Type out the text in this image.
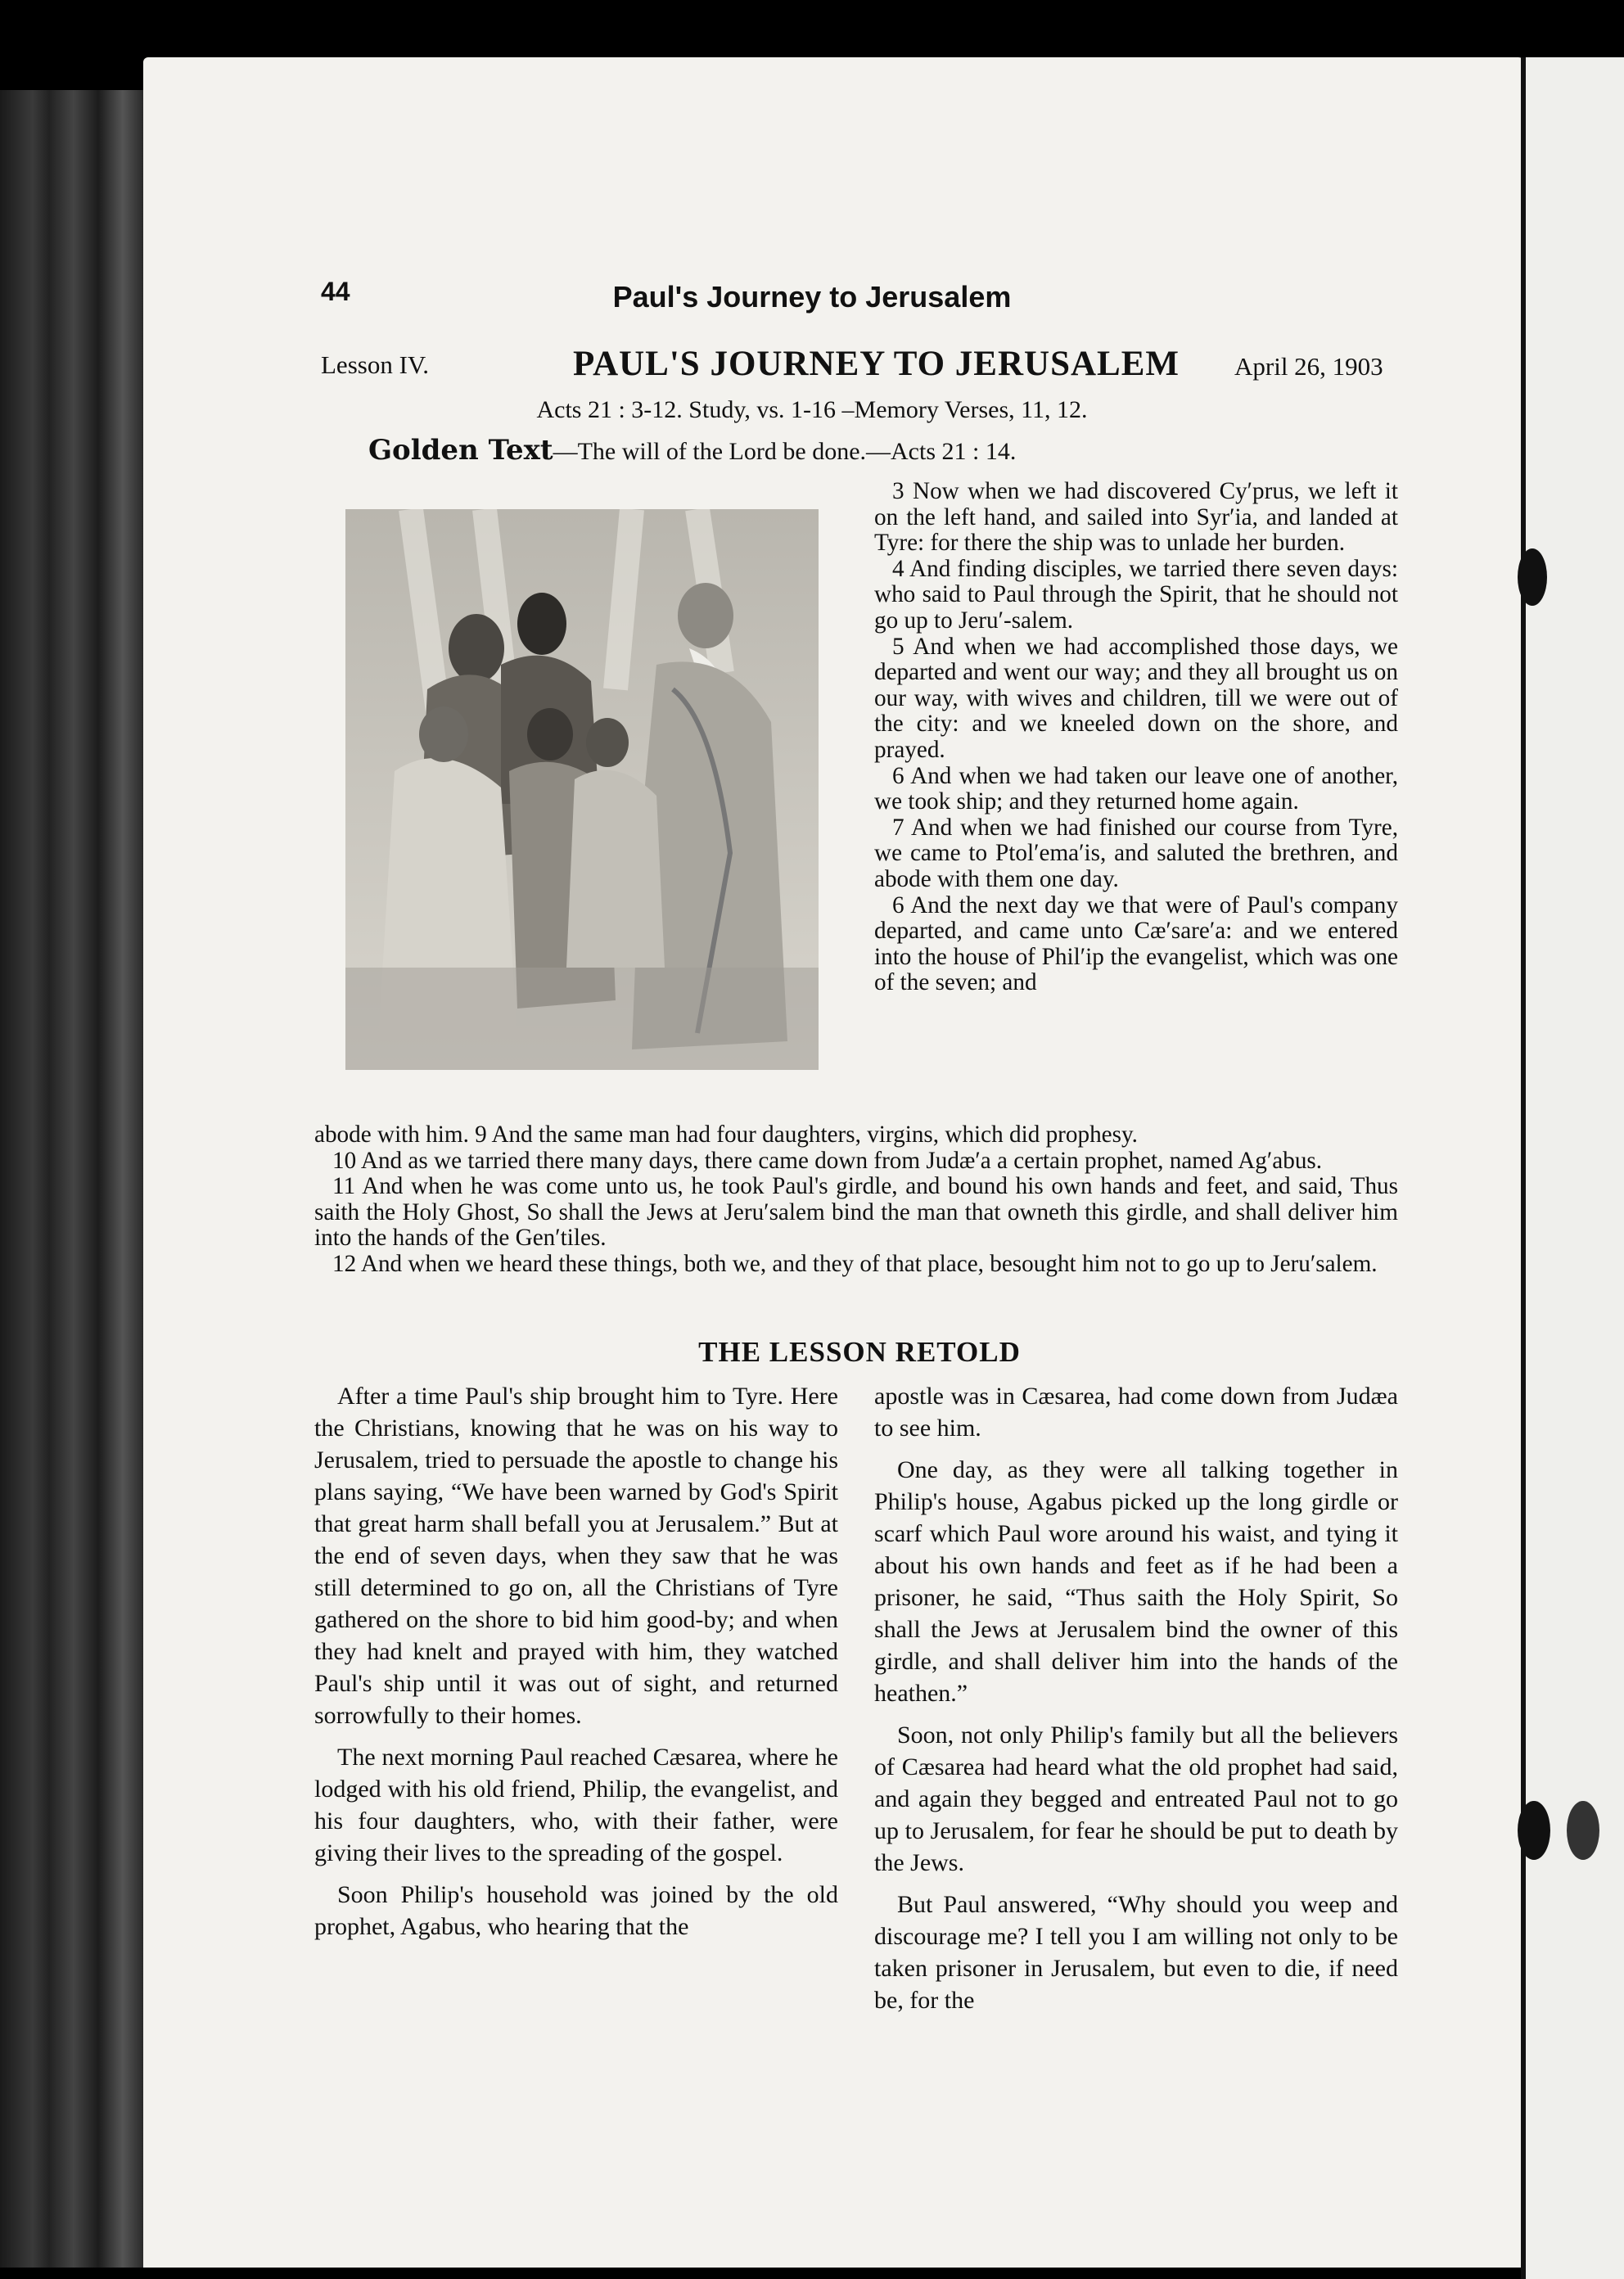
44	Paul's Journey to Jerusalem
Lesson IV.	PAUL'S JOURNEY TO JERUSALEM April 26, 1903
Acts 21 : 3-12. Study, vs. 1-16 –Memory Verses, 11, 12.
Golden Text—The will of the Lord be done.—Acts 21 : 14.

3 Now when we had discovered Cy′prus, we left it on the left hand, and sailed into Syr′ia, and landed at Tyre: for there the ship was to unlade her burden.

4 And finding disciples, we tarried there seven days: who said to Paul through the Spirit, that he should not go up to Jeru′-salem.

5 And when we had accomplished those days, we departed and went our way; and they all brought us on our way, with wives and children, till we were out of the city: and we kneeled down on the shore, and prayed.

6 And when we had taken our leave one of another, we took ship; and they returned home again.

7 And when we had finished our course from Tyre, we came to Ptol′ema′is, and saluted the brethren, and abode with them one day.

6 And the next day we that were of Paul's company departed, and came unto Cæ′sare′a: and we entered into the house of Phil′ip the evangelist, which was one of the seven; and

abode with him. 9 And the same man had four daughters, virgins, which did prophesy.

10 And as we tarried there many days, there came down from Judæ′a a certain prophet, named Ag′abus.

11 And when he was come unto us, he took Paul's girdle, and bound his own hands and feet, and said, Thus saith the Holy Ghost, So shall the Jews at Jeru′salem bind the man that owneth this girdle, and shall deliver him into the hands of the Gen′tiles.

12 And when we heard these things, both we, and they of that place, besought him not to go up to Jeru′salem.

THE LESSON RETOLD

After a time Paul's ship brought him to Tyre. Here the Christians, knowing that he was on his way to Jerusalem, tried to persuade the apostle to change his plans saying, “We have been warned by God's Spirit that great harm shall befall you at Jerusalem.” But at the end of seven days, when they saw that he was still determined to go on, all the Christians of Tyre gathered on the shore to bid him good-by; and when they had knelt and prayed with him, they watched Paul's ship until it was out of sight, and returned sorrowfully to their homes.

The next morning Paul reached Cæsarea, where he lodged with his old friend, Philip, the evangelist, and his four daughters, who, with their father, were giving their lives to the spreading of the gospel.

Soon Philip's household was joined by the old prophet, Agabus, who hearing that the

apostle was in Cæsarea, had come down from Judæa to see him.

One day, as they were all talking together in Philip's house, Agabus picked up the long girdle or scarf which Paul wore around his waist, and tying it about his own hands and feet as if he had been a prisoner, he said, “Thus saith the Holy Spirit, So shall the Jews at Jerusalem bind the owner of this girdle, and shall deliver him into the hands of the heathen.”

Soon, not only Philip's family but all the believers of Cæsarea had heard what the old prophet had said, and again they begged and entreated Paul not to go up to Jerusalem, for fear he should be put to death by the Jews.

But Paul answered, “Why should you weep and discourage me? I tell you I am willing not only to be taken prisoner in Jerusalem, but even to die, if need be, for the
